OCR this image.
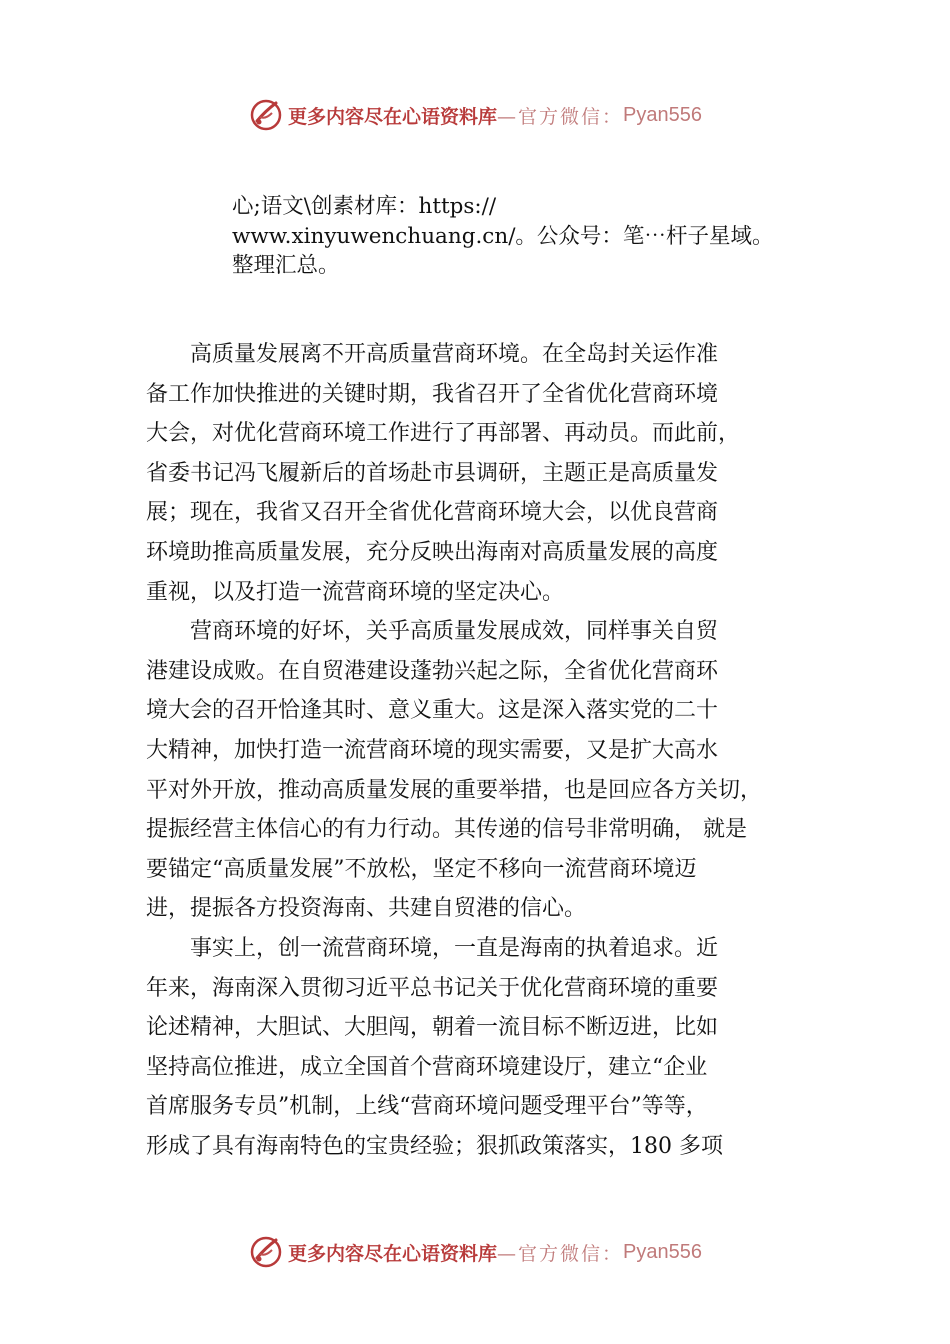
更多内容尽在心语资料库 —官方微信： Pyan556
心;语文\创素材库：https://
www.xinyuwenchuang.cn/。公众号：笔⋯杆子星域。
整理汇总。
　　高质量发展离不开高质量营商环境。在全岛封关运作准
备工作加快推进的关键时期，我省召开了全省优化营商环境
大会，对优化营商环境工作进行了再部署、再动员。而此前，
省委书记冯飞履新后的首场赴市县调研，主题正是高质量发
展；现在，我省又召开全省优化营商环境大会，以优良营商
环境助推高质量发展，充分反映出海南对高质量发展的高度
重视，以及打造一流营商环境的坚定决心。
　　营商环境的好坏，关乎高质量发展成效，同样事关自贸
港建设成败。在自贸港建设蓬勃兴起之际，全省优化营商环
境大会的召开恰逢其时、意义重大。这是深入落实党的二十
大精神，加快打造一流营商环境的现实需要，又是扩大高水
平对外开放，推动高质量发展的重要举措，也是回应各方关切，
提振经营主体信心的有力行动。其传递的信号非常明确， 就是
要锚定“高质量发展”不放松，坚定不移向一流营商环境迈
进，提振各方投资海南、共建自贸港的信心。
　　事实上，创一流营商环境，一直是海南的执着追求。近
年来，海南深入贯彻习近平总书记关于优化营商环境的重要
论述精神，大胆试、大胆闯，朝着一流目标不断迈进，比如
坚持高位推进，成立全国首个营商环境建设厅，建立“企业
首席服务专员”机制，上线“营商环境问题受理平台”等等，
形成了具有海南特色的宝贵经验；狠抓政策落实，180 多项
更多内容尽在心语资料库 —官方微信： Pyan556
